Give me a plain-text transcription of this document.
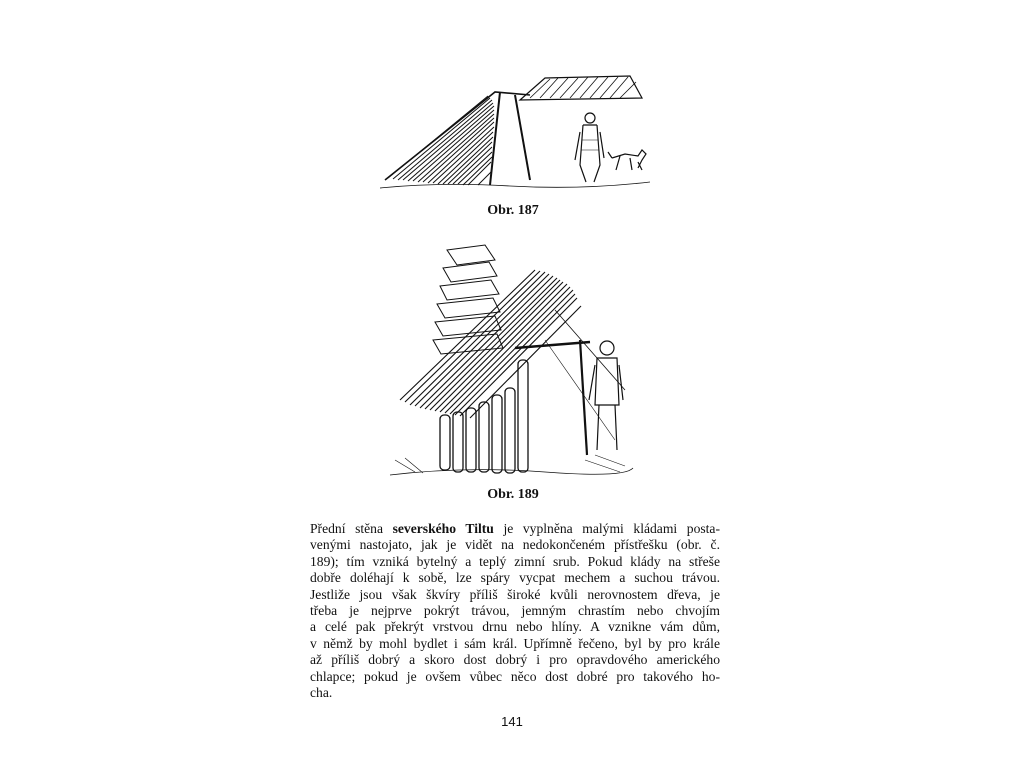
Obr. 187
Obr. 189
Přední stěna severského Tiltu je vyplněna malými kládami posta-
venými nastojato, jak je vidět na nedokončeném přístřešku (obr. č.
189); tím vzniká bytelný a teplý zimní srub. Pokud klády na střeše
dobře doléhají k sobě, lze spáry vycpat mechem a suchou trávou.
Jestliže jsou však škvíry příliš široké kvůli nerovnostem dřeva, je
třeba je nejprve pokrýt trávou, jemným chrastím nebo chvojím
a celé pak překrýt vrstvou drnu nebo hlíny. A vznikne vám dům,
v němž by mohl bydlet i sám král. Upřímně řečeno, byl by pro krále
až příliš dobrý a skoro dost dobrý i pro opravdového amerického
chlapce; pokud je ovšem vůbec něco dost dobré pro takového ho-
cha.
141
